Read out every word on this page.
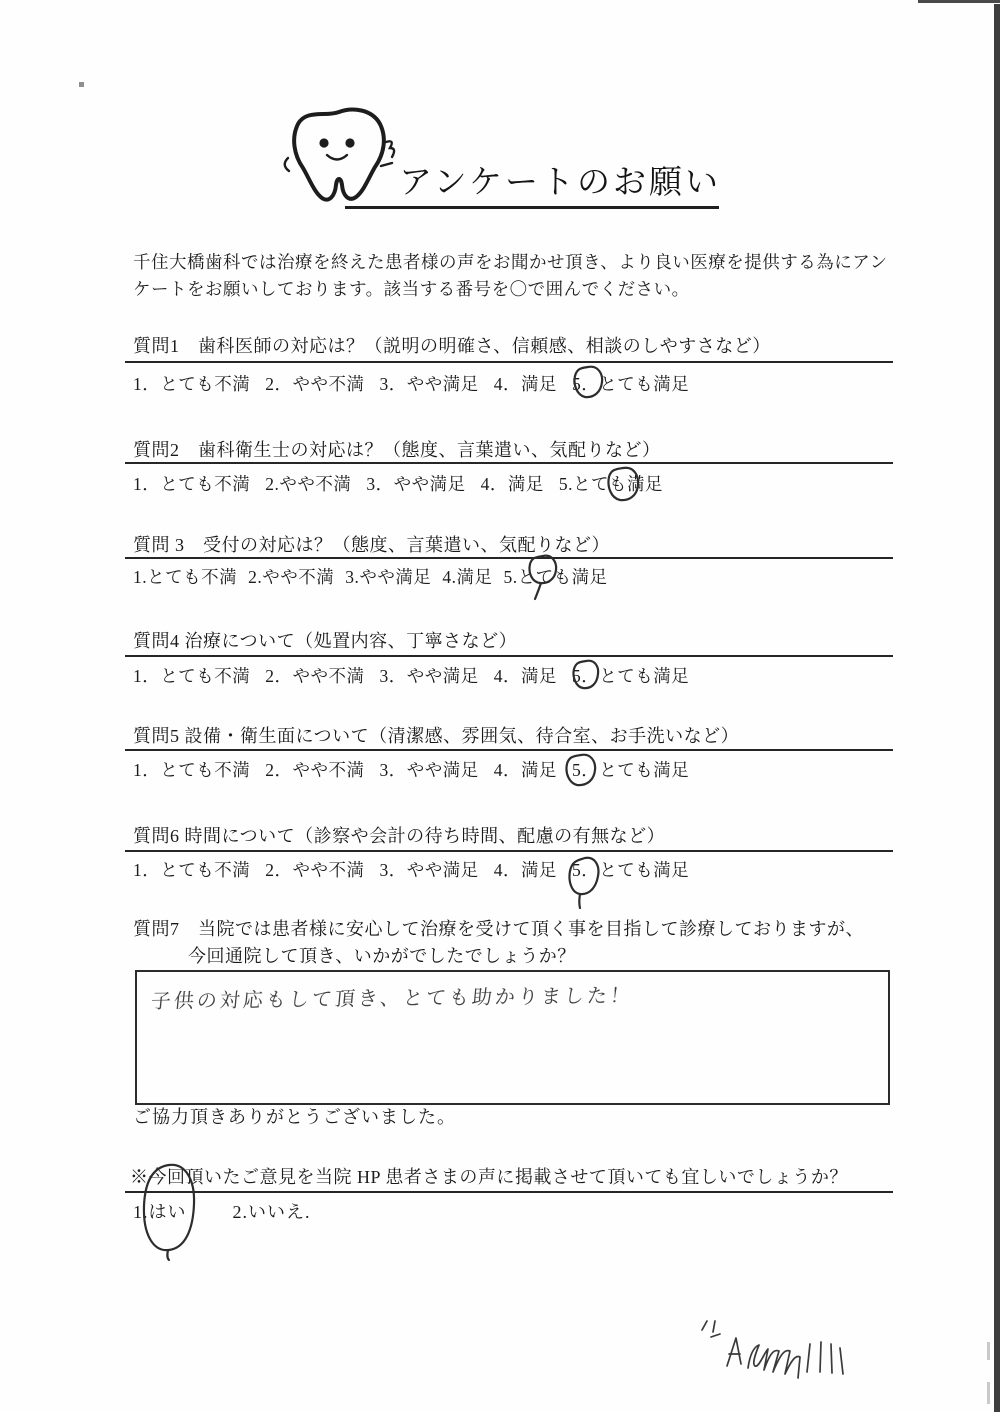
アンケートのお願い
千住大橋歯科では治療を終えた患者様の声をお聞かせ頂き、より良い医療を提供する為にアン
ケートをお願いしております。該当する番号を〇で囲んでください。
質問1　歯科医師の対応は？（説明の明確さ、信頼感、相談のしやすさなど）
1．とても不満 2．やや不満 3．やや満足 4．満足 5．とても満足
質問2　歯科衛生士の対応は？（態度、言葉遣い、気配りなど）
1．とても不満 2.やや不満 3．やや満足 4．満足 5.とても満足
質問 3　受付の対応は？（態度、言葉遣い、気配りなど）
1.とても不満 2.やや不満 3.やや満足 4.満足 5.とても満足
質問4 治療について（処置内容、丁寧さなど）
1．とても不満 2．やや不満 3．やや満足 4．満足 5．とても満足
質問5 設備・衛生面について（清潔感、雰囲気、待合室、お手洗いなど）
1．とても不満 2．やや不満 3．やや満足 4．満足 5．とても満足
質問6 時間について（診察や会計の待ち時間、配慮の有無など）
1．とても不満 2．やや不満 3．やや満足 4．満足 5．とても満足
質問7　当院では患者様に安心して治療を受けて頂く事を目指して診療しておりますが、
今回通院して頂き、いかがでしたでしょうか？
子供の対応もして頂き、とても助かりました！
ご協力頂きありがとうございました。
※今回頂いたご意見を当院 HP 患者さまの声に掲載させて頂いても宜しいでしょうか？
1.はい	2.いいえ.
